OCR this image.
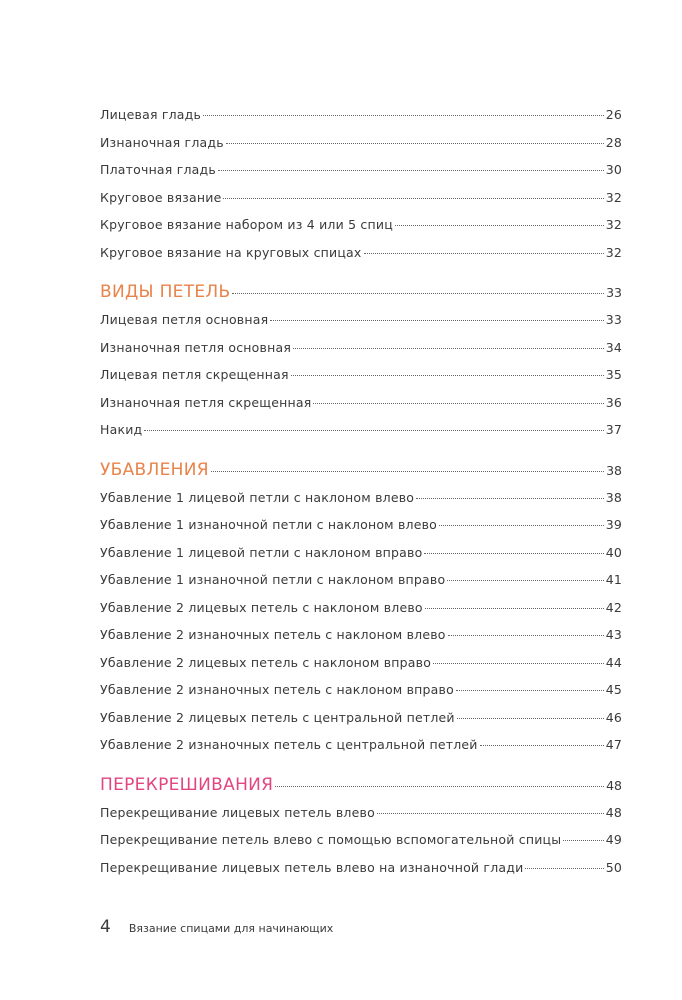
Лицевая гладь	26
Изнаночная гладь	28
Платочная гладь	30
Круговое вязание	32
Круговое вязание набором из 4 или 5 спиц	32
Круговое вязание на круговых спицах	32
ВИДЫ ПЕТЕЛЬ	33
Лицевая петля основная	33
Изнаночная петля основная	34
Лицевая петля скрещенная	35
Изнаночная петля скрещенная	36
Накид	37
УБАВЛЕНИЯ	38
Убавление 1 лицевой петли с наклоном влево	38
Убавление 1 изнаночной петли с наклоном влево	39
Убавление 1 лицевой петли с наклоном вправо	40
Убавление 1 изнаночной петли с наклоном вправо	41
Убавление 2 лицевых петель с наклоном влево	42
Убавление 2 изнаночных петель с наклоном влево	43
Убавление 2 лицевых петель с наклоном вправо	44
Убавление 2 изнаночных петель с наклоном вправо	45
Убавление 2 лицевых петель с центральной петлей	46
Убавление 2 изнаночных петель с центральной петлей	47
ПЕРЕКРЕШИВАНИЯ	48
Перекрещивание лицевых петель влево	48
Перекрещивание петель влево с помощью вспомогательной спицы	49
Перекрещивание лицевых петель влево на изнаночной глади	50
4 Вязание спицами для начинающих
